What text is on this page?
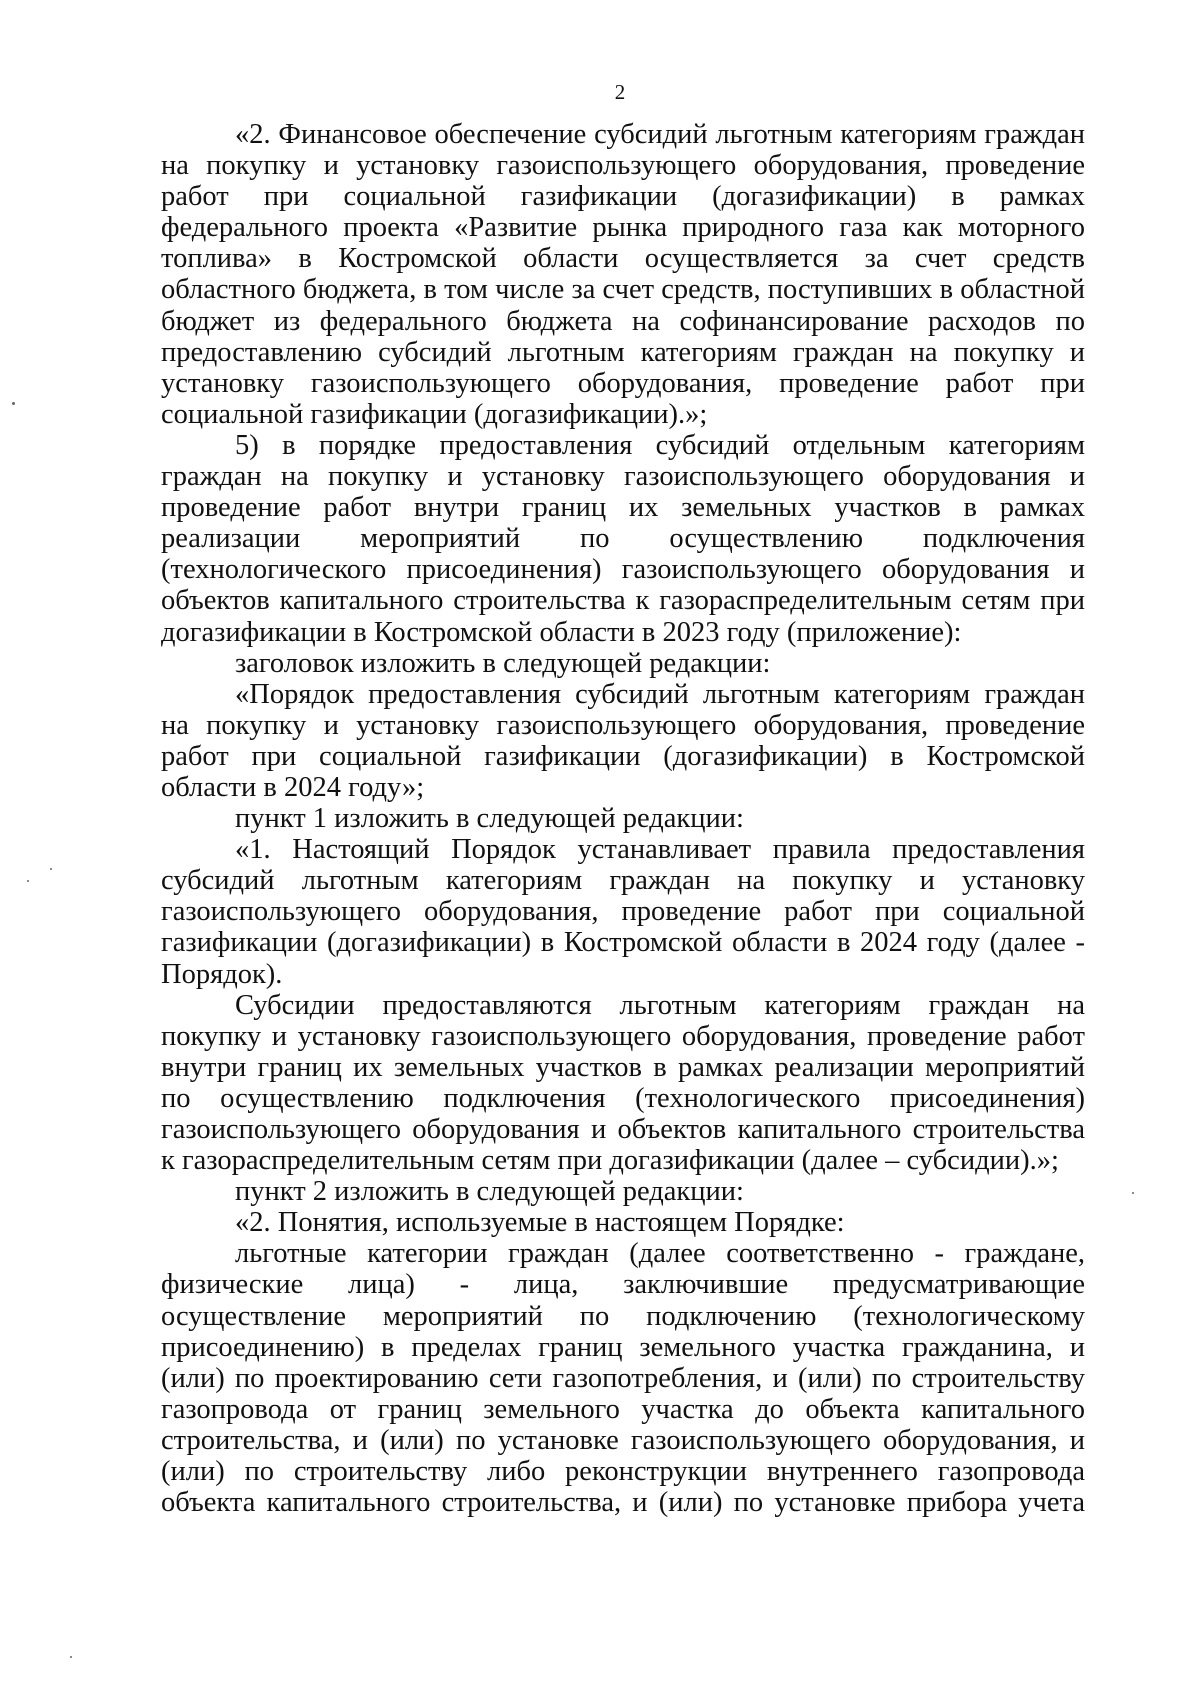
2

«2. Финансовое обеспечение субсидий льготным категориям граждан на покупку и установку газоиспользующего оборудования, проведение работ при социальной газификации (догазификации) в рамках федерального проекта «Развитие рынка природного газа как моторного топлива» в Костромской области осуществляется за счет средств областного бюджета, в том числе за счет средств, поступивших в областной бюджет из федерального бюджета на софинансирование расходов по предоставлению субсидий льготным категориям граждан на покупку и установку газоиспользующего оборудования, проведение работ при социальной газификации (догазификации).»;

5) в порядке предоставления субсидий отдельным категориям граждан на покупку и установку газоиспользующего оборудования и проведение работ внутри границ их земельных участков в рамках реализации мероприятий по осуществлению подключения (технологического присоединения) газоиспользующего оборудования и объектов капитального строительства к газораспределительным сетям при догазификации в Костромской области в 2023 году (приложение):

заголовок изложить в следующей редакции:

«Порядок предоставления субсидий льготным категориям граждан на покупку и установку газоиспользующего оборудования, проведение работ при социальной газификации (догазификации) в Костромской области в 2024 году»;

пункт 1 изложить в следующей редакции:

«1. Настоящий Порядок устанавливает правила предоставления субсидий льготным категориям граждан на покупку и установку газоиспользующего оборудования, проведение работ при социальной газификации (догазификации) в Костромской области в 2024 году (далее - Порядок).

Субсидии предоставляются льготным категориям граждан на покупку и установку газоиспользующего оборудования, проведение работ внутри границ их земельных участков в рамках реализации мероприятий по осуществлению подключения (технологического присоединения) газоиспользующего оборудования и объектов капитального строительства к газораспределительным сетям при догазификации (далее – субсидии).»;

пункт 2 изложить в следующей редакции:

«2. Понятия, используемые в настоящем Порядке:

льготные категории граждан (далее соответственно - граждане, физические лица) - лица, заключившие предусматривающие осуществление мероприятий по подключению (технологическому присоединению) в пределах границ земельного участка гражданина, и (или) по проектированию сети газопотребления, и (или) по строительству газопровода от границ земельного участка до объекта капитального строительства, и (или) по установке газоиспользующего оборудования, и (или) по строительству либо реконструкции внутреннего газопровода объекта капитального строительства, и (или) по установке прибора учета
